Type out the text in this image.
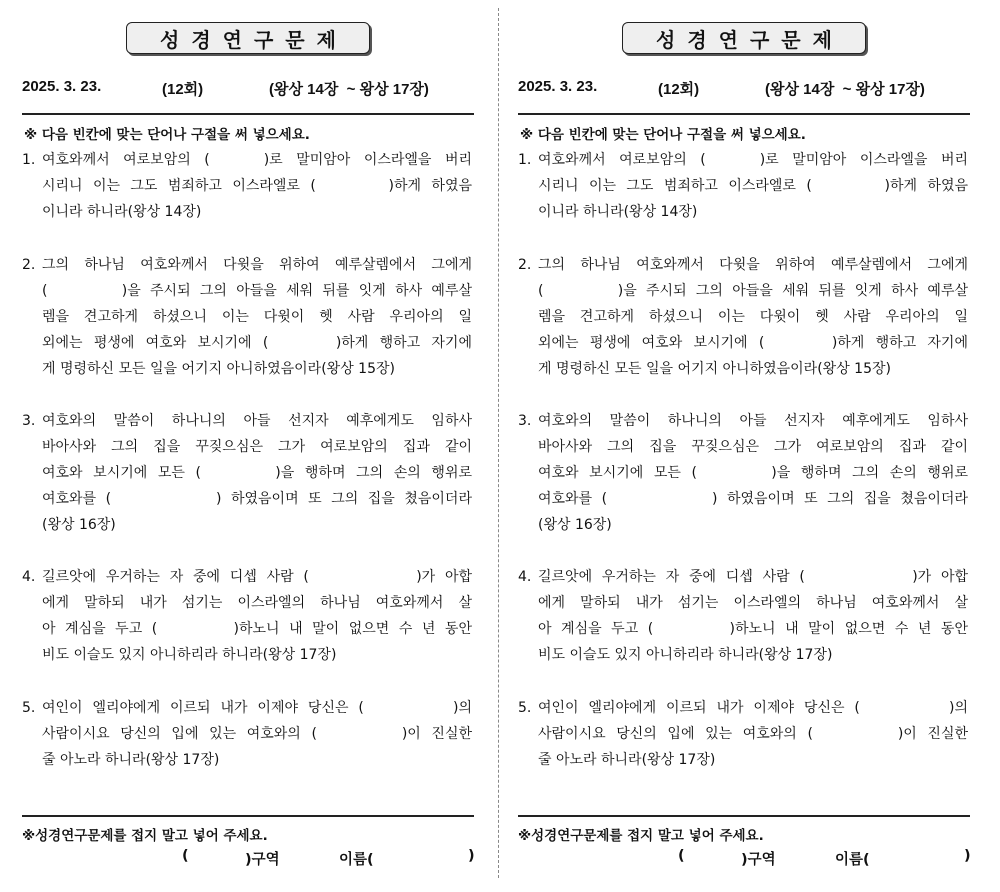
성경연구문제
2025. 3. 23.	(12회)	(왕상 14장  ~ 왕상 17장)
※ 다음 빈칸에 맞는 단어나 구절을 써 넣으세요.
1. 여호와께서 여로보암의 (    )로 말미암아 이스라엘을 버리
시리니 이는 그도 범죄하고 이스라엘로 (       )하게 하였음
이니라 하니라(왕상 14장)
2. 그의 하나님 여호와께서 다윗을 위하여 예루살렘에서 그에게
(        )을 주시되 그의 아들을 세워 뒤를 잇게 하사 예루살
렘을 견고하게 하셨으니 이는 다윗이 헷 사람 우리아의 일
외에는 평생에 여호와 보시기에 (      )하게 행하고 자기에
게 명령하신 모든 일을 어기지 아니하였음이라(왕상 15장)
3. 여호와의 말씀이 하나니의 아들 선지자 예후에게도 임하사
바아사와 그의 집을 꾸짖으심은 그가 여로보암의 집과 같이
여호와 보시기에 모든 (       )을 행하며 그의 손의 행위로
여호와를 (           ) 하였음이며 또 그의 집을 쳤음이더라
(왕상 16장)
4. 길르앗에 우거하는 자 중에 디셉 사람 (           )가 아합
에게 말하되 내가 섬기는 이스라엘의 하나님 여호와께서 살
아 계심을 두고 (        )하노니 내 말이 없으면 수 년 동안
비도 이슬도 있지 아니하리라 하니라(왕상 17장)
5. 여인이 엘리야에게 이르되 내가 이제야 당신은 (         )의
사람이시요 당신의 입에 있는 여호와의 (        )이 진실한
줄 아노라 하니라(왕상 17장)
※성경연구문제를 접지 말고 넣어 주세요.
(	)구역	이름(	)
성경연구문제
2025. 3. 23.	(12회)	(왕상 14장  ~ 왕상 17장)
※ 다음 빈칸에 맞는 단어나 구절을 써 넣으세요.
1. 여호와께서 여로보암의 (    )로 말미암아 이스라엘을 버리
시리니 이는 그도 범죄하고 이스라엘로 (       )하게 하였음
이니라 하니라(왕상 14장)
2. 그의 하나님 여호와께서 다윗을 위하여 예루살렘에서 그에게
(        )을 주시되 그의 아들을 세워 뒤를 잇게 하사 예루살
렘을 견고하게 하셨으니 이는 다윗이 헷 사람 우리아의 일
외에는 평생에 여호와 보시기에 (      )하게 행하고 자기에
게 명령하신 모든 일을 어기지 아니하였음이라(왕상 15장)
3. 여호와의 말씀이 하나니의 아들 선지자 예후에게도 임하사
바아사와 그의 집을 꾸짖으심은 그가 여로보암의 집과 같이
여호와 보시기에 모든 (       )을 행하며 그의 손의 행위로
여호와를 (           ) 하였음이며 또 그의 집을 쳤음이더라
(왕상 16장)
4. 길르앗에 우거하는 자 중에 디셉 사람 (           )가 아합
에게 말하되 내가 섬기는 이스라엘의 하나님 여호와께서 살
아 계심을 두고 (        )하노니 내 말이 없으면 수 년 동안
비도 이슬도 있지 아니하리라 하니라(왕상 17장)
5. 여인이 엘리야에게 이르되 내가 이제야 당신은 (         )의
사람이시요 당신의 입에 있는 여호와의 (        )이 진실한
줄 아노라 하니라(왕상 17장)
※성경연구문제를 접지 말고 넣어 주세요.
(	)구역	이름(	)
